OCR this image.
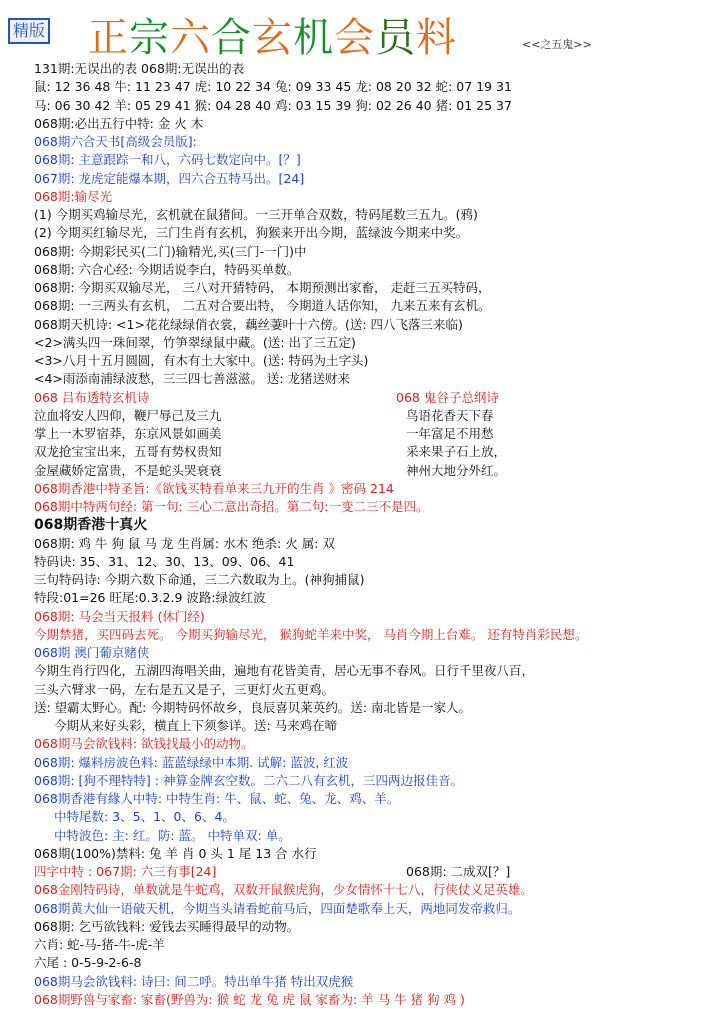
精版 正宗六合玄机会员料	<<之五鬼>>
131期:无误出的表 068期:无误出的表
鼠: 12 36 48 牛: 11 23 47 虎: 10 22 34 兔: 09 33 45 龙: 08 20 32 蛇: 07 19 31
马: 06 30 42 羊: 05 29 41 猴: 04 28 40 鸡: 03 15 39 狗: 02 26 40 猪: 01 25 37
068期:必出五行中特: 金 火 木
068期六合天书[高级会员版]:
068期: 主意跟踪一和八，六码七数定向中。[？]
067期: 龙虎定能爆本期，四六合五特马出。[24]
068期:输尽光
(1) 今期买鸡输尽光，玄机就在鼠猪间。一三开单合双数，特码尾数三五九。(鸦)
(2) 今期买红输尽光，三门生肖有玄机，狗猴来开出今期，蓝绿波今期来中奖。
068期: 今期彩民买(二门)输精光,买(三门-一门)中
068期: 六合心经: 今期话说李白，特码买单数。
068期: 今期买双输尽光， 三八对开猜特码， 本期预测出家畜， 走赶三五买特码，
068期: 一三两头有玄机， 二五对合要出特， 今期道人话你知， 九来五来有玄机。
068期天机诗: <1>花花绿绿俏衣裳，藕丝萋叶十六傍。(送: 四八飞落三来临)
<2>满头四一珠间翠，竹笋翠绿鼠中藏。(送: 出了三五定)
<3>八月十五月圆圆，有木有土大家中。(送: 特码为土字头)
<4>雨添南浦绿波愁，三三四七善滋滋。 送: 龙猪送财来
068 吕布透特玄机诗	068 鬼谷子总纲诗
泣血将安人四仰，鞭尸辱己及三九	鸟语花香天下春
掌上一木罗宿莽，东京风景如画美	一年富足不用愁
双龙抢宝宝出来，五哥有势权贵知	采来果子石上放，
金屋藏娇定富贵，不是蛇头哭衰衰	神州大地分外红。
068期香港中特圣旨:《欲钱买特看单来三九开的生肖 》密码 214
068期中特两句经: 第一句: 三心二意出奇招。第二句:一变二三不是四。
068期香港十真火
068期: 鸡 牛 狗 鼠 马 龙 生肖属: 水木 绝杀: 火 属: 双
特码诀: 35、31、12、30、13、09、06、41
三句特码诗: 今期六数下命通，三二六数取为上。(神狗捕鼠)
特段:01=26 旺尾:0.3.2.9 波路:绿波红波
068期: 马会当天报料 (休门经)
今期禁猪，买四码去死。 今期买狗输尽光， 猴狗蛇羊来中奖， 马肖今期上台难。 还有特肖彩民想。
068期 澳门葡京赌侠
今期生肖行四化，五湖四海唱关曲，遍地有花皆美青，居心无事不春风。日行千里夜八百，
三头六臂求一码，左右是五又是子，三更灯火五更鸡。
送: 望霸太野心。配: 今期特码怀故乡，良辰喜贝莱英约。送: 南北皆是一家人。
今期从来好头彩，横直上下须参详。送: 马来鸡在啼
068期马会欲钱料: 欲钱找最小的动物。
068期: 爆料房波色料: 蓝蓝绿绿中本期. 试解: 蓝波, 红波
068期: [狗不理特特] : 神算金牌玄空数。二六二八有玄机，三四两边报佳音。
068期香港有緣人中特: 中特生肖: 牛、鼠、蛇、兔、龙、鸡、羊。
中特尾数: 3、5、1、0、6、4。
中特波色: 主: 红。防: 蓝。 中特单双: 单。
068期(100%)禁料: 兔 羊 肖 0 头 1 尾 13 合 水行
四字中特 : 067期: 六三有事[24]	068期: 二成双[？]
068金刚特码诗，单数就是牛蛇鸡，双数开鼠猴虎狗，少女情怀十七八，行侠仗义足英雄。
068期黄大仙一语破天机，今期当头请看蛇前马后，四面楚歌奉上天，两地同发帝救归。
068期: 乞丐欲钱料: 爱钱去买睡得最早的动物。
六肖: 蛇-马-猪-牛-虎-羊
六尾 : 0-5-9-2-6-8
068期马会欲钱料: 诗曰: 间二呼。特出单牛猪 特出双虎猴
068期野兽与家畜: 家畜(野兽为: 猴 蛇 龙 兔 虎 鼠 家畜为: 羊 马 牛 猪 狗 鸡 )
